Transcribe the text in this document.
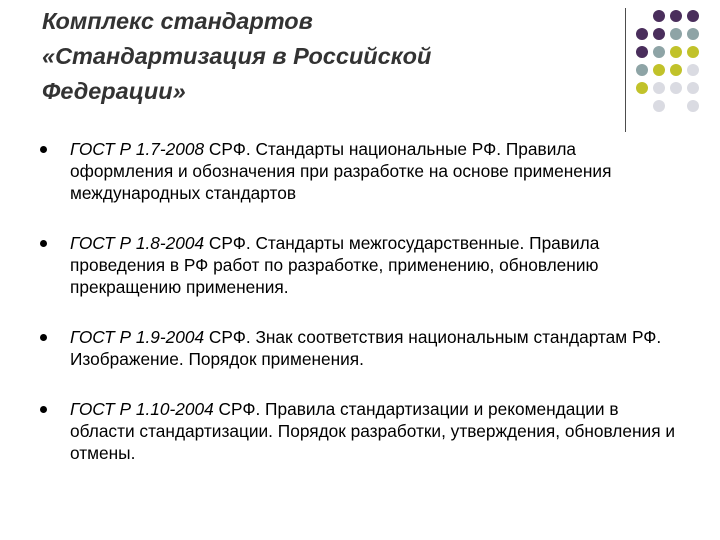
Комплекс стандартов
«Стандартизация в Российской
Федерации»
ГОСТ Р 1.7-2008 СРФ. Стандарты национальные РФ. Правила оформления и обозначения при разработке на основе применения международных стандартов
ГОСТ Р 1.8-2004 СРФ. Стандарты межгосударственные. Правила проведения в РФ работ по разработке, применению, обновлению прекращению применения.
ГОСТ Р 1.9-2004 СРФ. Знак соответствия национальным стандартам РФ. Изображение. Порядок применения.
ГОСТ Р 1.10-2004 СРФ. Правила стандартизации и рекомендации в области стандартизации. Порядок разработки, утверждения, обновления и отмены.
